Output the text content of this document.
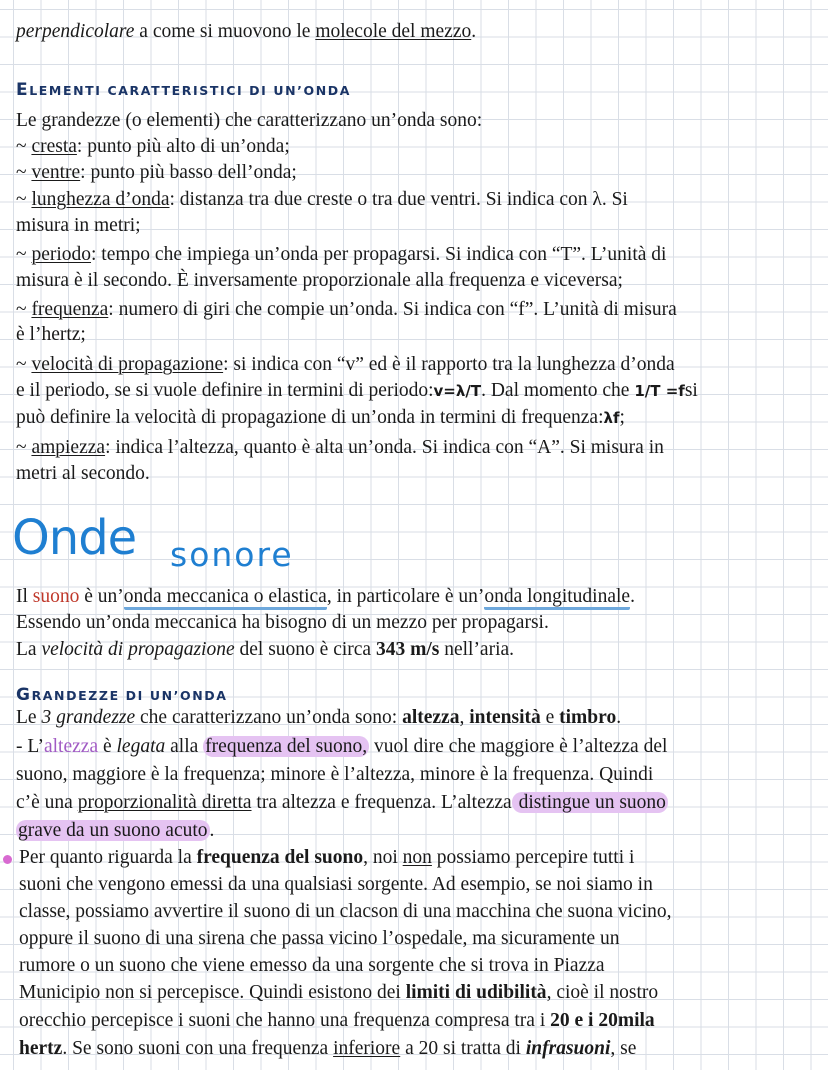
perpendicolare a come si muovono le molecole del mezzo.
ELEMENTI CARATTERISTICI DI UN’ONDA
Le grandezze (o elementi) che caratterizzano un’onda sono:
~ cresta: punto più alto di un’onda;
~ ventre: punto più basso dell’onda;
~ lunghezza d’onda: distanza tra due creste o tra due ventri. Si indica con λ. Si
misura in metri;
~ periodo: tempo che impiega un’onda per propagarsi. Si indica con “T”. L’unità di
misura è il secondo. È inversamente proporzionale alla frequenza e viceversa;
~ frequenza: numero di giri che compie un’onda. Si indica con “f”. L’unità di misura
è l’hertz;
~ velocità di propagazione: si indica con “v” ed è il rapporto tra la lunghezza d’onda
e il periodo, se si vuole definire in termini di periodo:v=λ/T. Dal momento che 1/T =fsi
può definire la velocità di propagazione di un’onda in termini di frequenza:λf;
~ ampiezza: indica l’altezza, quanto è alta un’onda. Si indica con “A”. Si misura in
metri al secondo.
Onde sonore
Il suono è un’onda meccanica o elastica, in particolare è un’onda longitudinale.
Essendo un’onda meccanica ha bisogno di un mezzo per propagarsi.
La velocità di propagazione del suono è circa 343 m/s nell’aria.
GRANDEZZE DI UN’ONDA
Le 3 grandezze che caratterizzano un’onda sono: altezza, intensità e timbro.
- L’altezza è legata alla frequenza del suono, vuol dire che maggiore è l’altezza del
suono, maggiore è la frequenza; minore è l’altezza, minore è la frequenza. Quindi
c’è una proporzionalità diretta tra altezza e frequenza. L’altezza distingue un suono
grave da un suono acuto .
Per quanto riguarda la frequenza del suono, noi non possiamo percepire tutti i
suoni che vengono emessi da una qualsiasi sorgente. Ad esempio, se noi siamo in
classe, possiamo avvertire il suono di un clacson di una macchina che suona vicino,
oppure il suono di una sirena che passa vicino l’ospedale, ma sicuramente un
rumore o un suono che viene emesso da una sorgente che si trova in Piazza
Municipio non si percepisce. Quindi esistono dei limiti di udibilità, cioè il nostro
orecchio percepisce i suoni che hanno una frequenza compresa tra i 20 e i 20mila
hertz. Se sono suoni con una frequenza inferiore a 20 si tratta di infrasuoni, se
